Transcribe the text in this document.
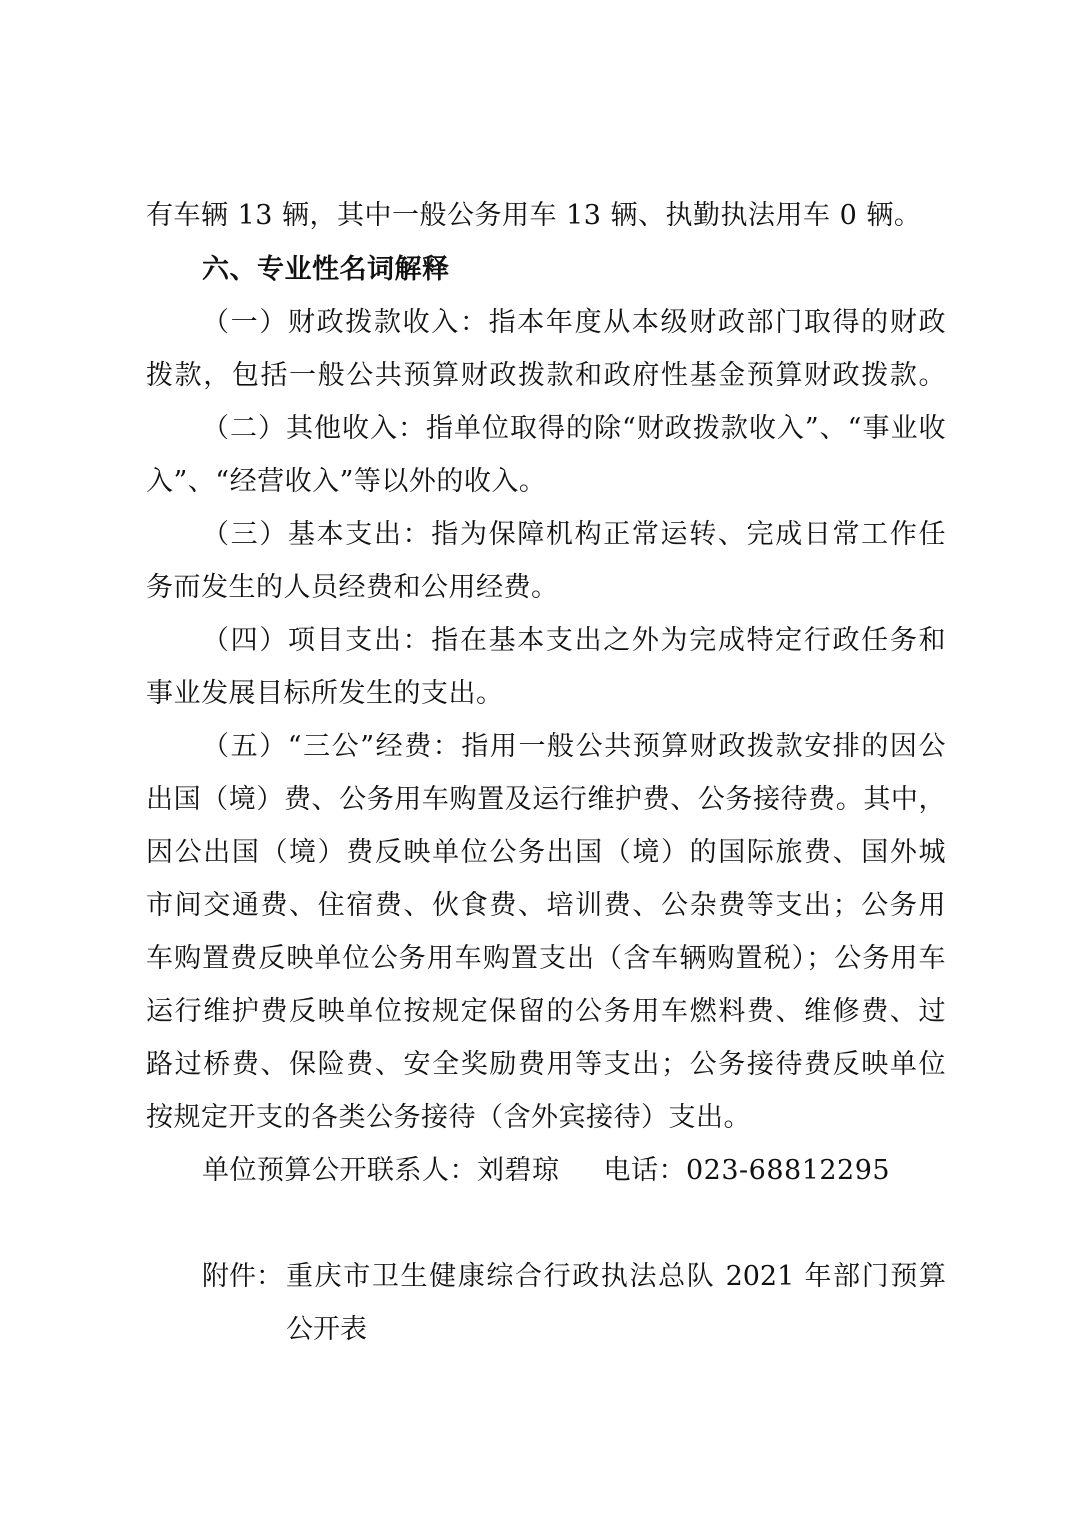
有车辆 13 辆，其中一般公务用车 13 辆、执勤执法用车 0 辆。
六、专业性名词解释
（一）财政拨款收入：指本年度从本级财政部门取得的财政
拨款，包括一般公共预算财政拨款和政府性基金预算财政拨款。
（二）其他收入：指单位取得的除“财政拨款收入”、“事业收
入”、“经营收入”等以外的收入。
（三）基本支出：指为保障机构正常运转、完成日常工作任
务而发生的人员经费和公用经费。
（四）项目支出：指在基本支出之外为完成特定行政任务和
事业发展目标所发生的支出。
（五）“三公”经费：指用一般公共预算财政拨款安排的因公
出国（境）费、公务用车购置及运行维护费、公务接待费。其中，
因公出国（境）费反映单位公务出国（境）的国际旅费、国外城
市间交通费、住宿费、伙食费、培训费、公杂费等支出；公务用
车购置费反映单位公务用车购置支出（含车辆购置税）；公务用车
运行维护费反映单位按规定保留的公务用车燃料费、维修费、过
路过桥费、保险费、安全奖励费用等支出；公务接待费反映单位
按规定开支的各类公务接待（含外宾接待）支出。
单位预算公开联系人：刘碧琼 电话：023-68812295
附件： 重庆市卫生健康综合行政执法总队 2021 年部门预算
公开表
